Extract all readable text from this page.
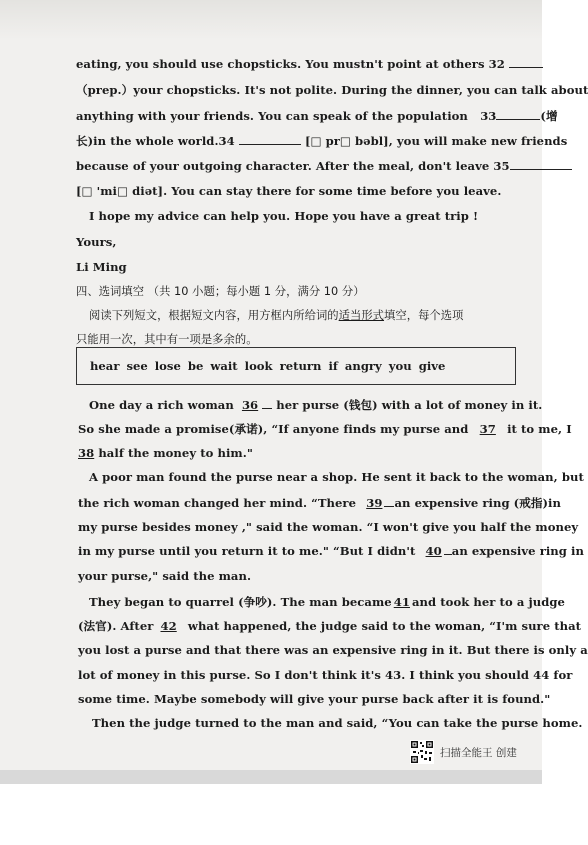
eating, you should use chopsticks. You mustn't point at others 32
（prep.）your chopsticks. It's not polite. During the dinner, you can talk about
anything with your friends. You can speak of the population 33	(增
长)in the whole world.34	[□ pr□ bəbl], you will make new friends
because of your outgoing character. After the meal, don't leave 35
[□ 'mi□ diət]. You can stay there for some time before you leave.
I hope my advice can help you. Hope you have a great trip !
Yours,
Li Ming
四、选词填空 （共 10 小题；每小题 1 分，满分 10 分）
阅读下列短文，根据短文内容，用方框内所给词的适当形式填空，每个选项
只能用一次，其中有一项是多余的。
hear see lose be wait look return if angry you give
One day a rich woman 36 her purse (钱包) with a lot of money in it.
So she made a promise(承诺), “If anyone finds my purse and 37 it to me, I
38 half the money to him."
A poor man found the purse near a shop. He sent it back to the woman, but
the rich woman changed her mind. “There 39 an expensive ring (戒指)in
my purse besides money ," said the woman. “I won't give you half the money
in my purse until you return it to me." “But I didn't 40 an expensive ring in
your purse," said the man.
They began to quarrel (争吵). The man became 41 and took her to a judge
(法官). After 42 what happened, the judge said to the woman, “I'm sure that
you lost a purse and that there was an expensive ring in it. But there is only a
lot of money in this purse. So I don't think it's 43. I think you should 44 for
some time. Maybe somebody will give your purse back after it is found."
Then the judge turned to the man and said, “You can take the purse home.
扫描全能王 创建
